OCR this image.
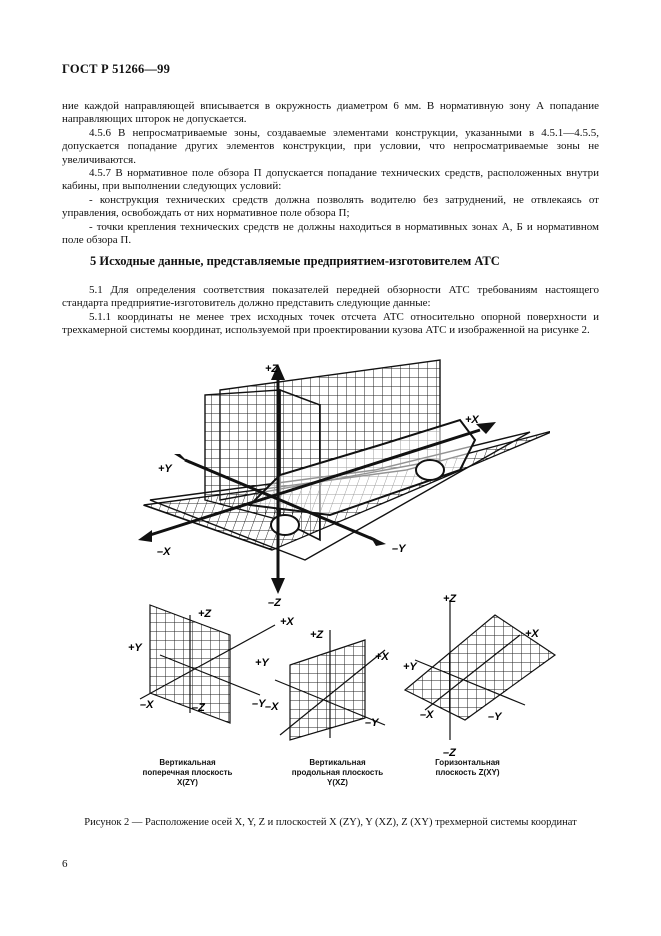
ГОСТ Р 51266—99

ние каждой направляющей вписывается в окружность диаметром 6 мм. В нормативную зону А попадание направляющих шторок не допускается.

4.5.6 В непросматриваемые зоны, создаваемые элементами конструкции, указанными в 4.5.1—4.5.5, допускается попадание других элементов конструкции, при условии, что непросматриваемые зоны не увеличиваются.

4.5.7 В нормативное поле обзора П допускается попадание технических средств, расположенных внутри кабины, при выполнении следующих условий:

- конструкция технических средств должна позволять водителю без затруднений, не отвлекаясь от управления, освобождать от них нормативное поле обзора П;

- точки крепления технических средств не должны находиться в нормативных зонах А, Б и нормативном поле обзора П.

5 Исходные данные, представляемые предприятием-изготовителем АТС

5.1 Для определения соответствия показателей передней обзорности АТС требованиям настоящего стандарта предприятие-изготовитель должно представить следующие данные:

5.1.1 координаты не менее трех исходных точек отсчета АТС относительно опорной поверхности и трехкамерной системы координат, используемой при проектировании кузова АТС и изображенной на рисунке 2.

+Z
–Z
+X
–X
+Y
–Y
+Z
+X
+Y
–X	–Z	–Y
+Z
+X
+Y
–X
–Y
+Z
+X
+Y
–X	–Y
–Z
Вертикальная поперечная плоскость X(ZY)
Вертикальная продольная плоскость Y(XZ)
Горизонтальная плоскость Z(XY)

Рисунок 2 — Расположение осей X, Y, Z и плоскостей X (ZY), Y (XZ), Z (XY) трехмерной системы координат

6
